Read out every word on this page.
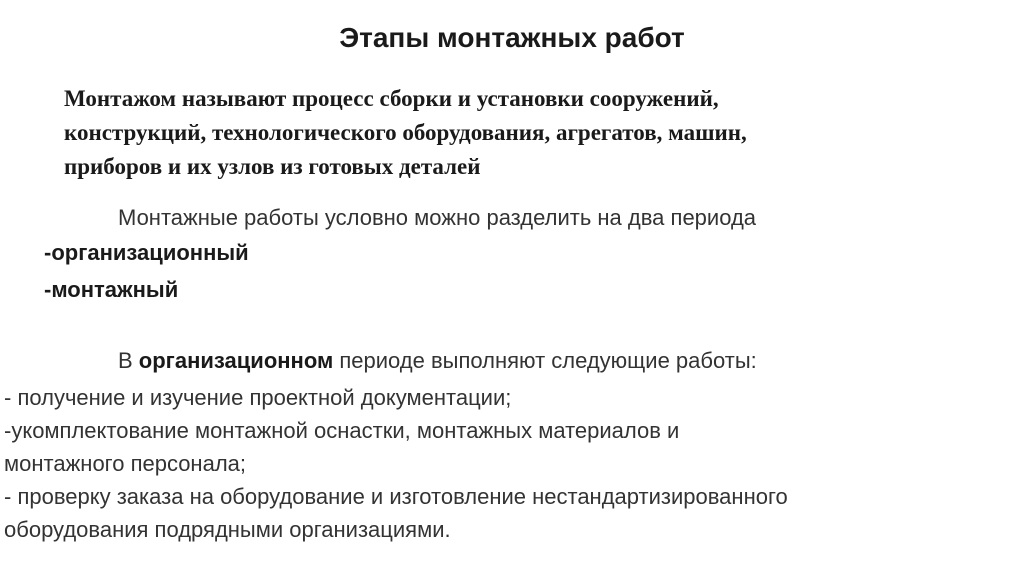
Этапы монтажных работ
Монтажом называют процесс сборки и установки сооружений,
конструкций, технологического оборудования, агрегатов, машин,
приборов и их узлов из готовых деталей
Монтажные работы условно можно разделить на два периода
-организационный
-монтажный
В организационном периоде выполняют следующие работы:
- получение и изучение проектной документации;
-укомплектование монтажной оснастки, монтажных материалов и
монтажного персонала;
- проверку заказа на оборудование и изготовление нестандартизированного
оборудования подрядными организациями.
